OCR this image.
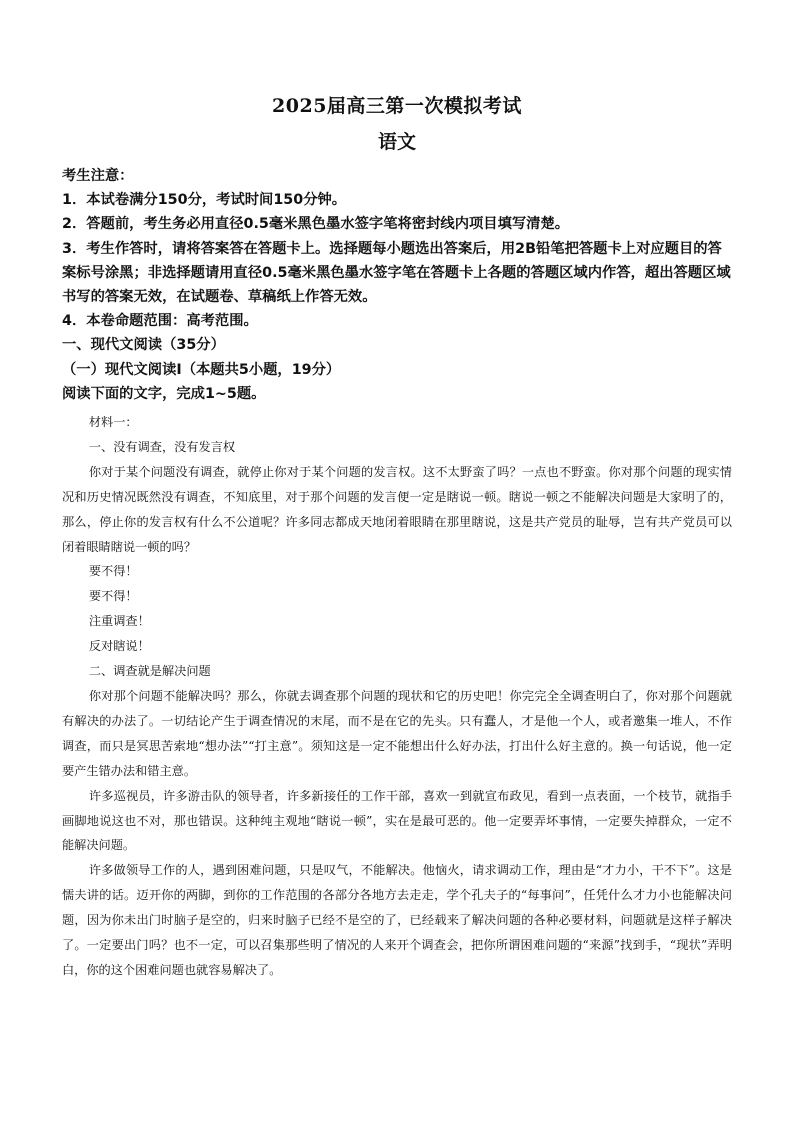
2025届高三第一次模拟考试
语文

考生注意：

1．本试卷满分150分，考试时间150分钟。

2．答题前，考生务必用直径0.5毫米黑色墨水签字笔将密封线内项目填写清楚。

3．考生作答时，请将答案答在答题卡上。选择题每小题选出答案后，用2B铅笔把答题卡上对应题目的答案标号涂黑；非选择题请用直径0.5毫米黑色墨水签字笔在答题卡上各题的答题区域内作答，超出答题区域书写的答案无效，在试题卷、草稿纸上作答无效。

4．本卷命题范围：高考范围。

一、现代文阅读（35分）

（一）现代文阅读Ⅰ（本题共5小题，19分）

阅读下面的文字，完成1~5题。

材料一：

一、没有调查，没有发言权

你对于某个问题没有调查，就停止你对于某个问题的发言权。这不太野蛮了吗？一点也不野蛮。你对那个问题的现实情况和历史情况既然没有调查，不知底里，对于那个问题的发言便一定是瞎说一顿。瞎说一顿之不能解决问题是大家明了的，那么，停止你的发言权有什么不公道呢？许多同志都成天地闭着眼睛在那里瞎说，这是共产党员的耻辱，岂有共产党员可以闭着眼睛瞎说一顿的吗？

要不得！

要不得！

注重调查！

反对瞎说！

二、调查就是解决问题

你对那个问题不能解决吗？那么，你就去调查那个问题的现状和它的历史吧！你完完全全调查明白了，你对那个问题就有解决的办法了。一切结论产生于调查情况的末尾，而不是在它的先头。只有蠢人，才是他一个人，或者邀集一堆人，不作调查，而只是冥思苦索地“想办法”“打主意”。须知这是一定不能想出什么好办法，打出什么好主意的。换一句话说，他一定要产生错办法和错主意。

许多巡视员，许多游击队的领导者，许多新接任的工作干部，喜欢一到就宣布政见，看到一点表面，一个枝节，就指手画脚地说这也不对，那也错误。这种纯主观地“瞎说一顿”，实在是最可恶的。他一定要弄坏事情，一定要失掉群众，一定不能解决问题。

许多做领导工作的人，遇到困难问题，只是叹气，不能解决。他恼火，请求调动工作，理由是“才力小，干不下”。这是懦夫讲的话。迈开你的两脚，到你的工作范围的各部分各地方去走走，学个孔夫子的“每事问”，任凭什么才力小也能解决问题，因为你未出门时脑子是空的，归来时脑子已经不是空的了，已经载来了解决问题的各种必要材料，问题就是这样子解决了。一定要出门吗？也不一定，可以召集那些明了情况的人来开个调查会，把你所谓困难问题的“来源”找到手，“现状”弄明白，你的这个困难问题也就容易解决了。
